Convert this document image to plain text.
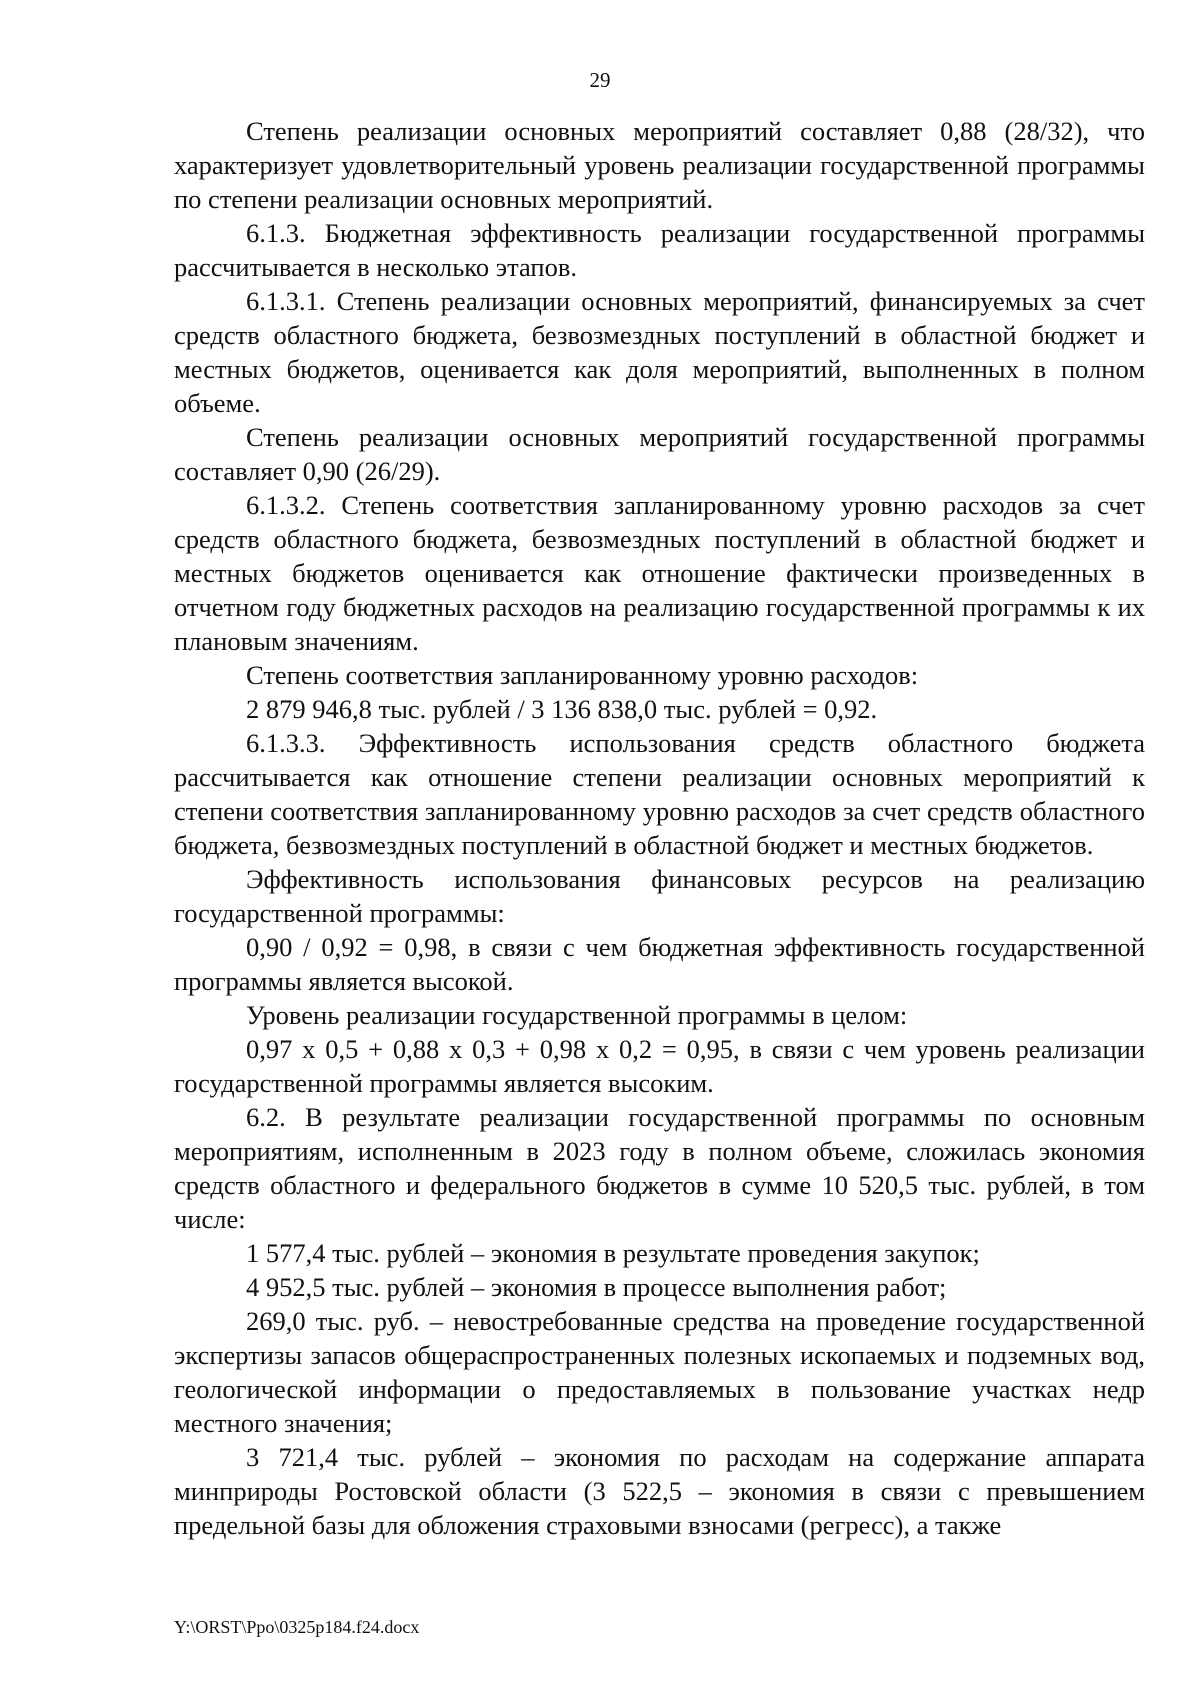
29

Степень реализации основных мероприятий составляет 0,88 (28/32), что характеризует удовлетворительный уровень реализации государственной программы по степени реализации основных мероприятий.

6.1.3. Бюджетная эффективность реализации государственной программы рассчитывается в несколько этапов.

6.1.3.1. Степень реализации основных мероприятий, финансируемых за счет средств областного бюджета, безвозмездных поступлений в областной бюджет и местных бюджетов, оценивается как доля мероприятий, выполненных в полном объеме.

Степень реализации основных мероприятий государственной программы составляет 0,90 (26/29).

6.1.3.2. Степень соответствия запланированному уровню расходов за счет средств областного бюджета, безвозмездных поступлений в областной бюджет и местных бюджетов оценивается как отношение фактически произведенных в отчетном году бюджетных расходов на реализацию государственной программы к их плановым значениям.

Степень соответствия запланированному уровню расходов:

2 879 946,8 тыс. рублей / 3 136 838,0 тыс. рублей = 0,92.

6.1.3.3. Эффективность использования средств областного бюджета рассчитывается как отношение степени реализации основных мероприятий к степени соответствия запланированному уровню расходов за счет средств областного бюджета, безвозмездных поступлений в областной бюджет и местных бюджетов.

Эффективность использования финансовых ресурсов на реализацию государственной программы:

0,90 / 0,92 = 0,98, в связи с чем бюджетная эффективность государственной программы является высокой.

Уровень реализации государственной программы в целом:

0,97 х 0,5 + 0,88 х 0,3 + 0,98 х 0,2 = 0,95, в связи с чем уровень реализации государственной программы является высоким.

6.2. В результате реализации государственной программы по основным мероприятиям, исполненным в 2023 году в полном объеме, сложилась экономия средств областного и федерального бюджетов в сумме 10 520,5 тыс. рублей, в том числе:

1 577,4 тыс. рублей – экономия в результате проведения закупок;

4 952,5 тыс. рублей – экономия в процессе выполнения работ;

269,0 тыс. руб. – невостребованные средства на проведение государственной экспертизы запасов общераспространенных полезных ископаемых и подземных вод, геологической информации о предоставляемых в пользование участках недр местного значения;

3 721,4 тыс. рублей – экономия по расходам на содержание аппарата минприроды Ростовской области (3 522,5 – экономия в связи с превышением предельной базы для обложения страховыми взносами (регресс), а также

Y:\ORST\Ppo\0325p184.f24.docx
